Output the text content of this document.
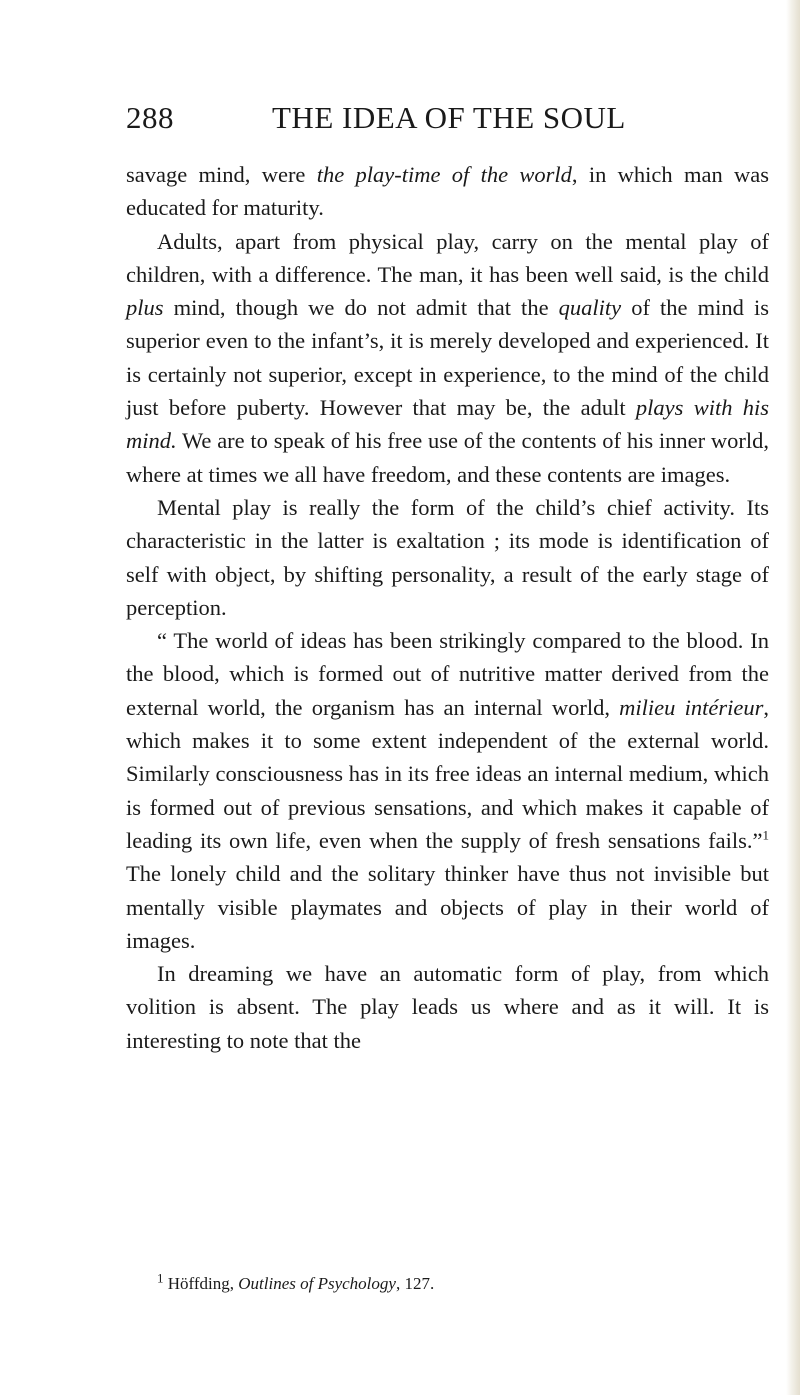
288	THE IDEA OF THE SOUL

savage mind, were the play-time of the world, in which man was educated for maturity.

Adults, apart from physical play, carry on the mental play of children, with a difference. The man, it has been well said, is the child plus mind, though we do not admit that the quality of the mind is superior even to the infant’s, it is merely developed and experienced. It is certainly not superior, except in experience, to the mind of the child just before puberty. However that may be, the adult plays with his mind. We are to speak of his free use of the contents of his inner world, where at times we all have freedom, and these contents are images.

Mental play is really the form of the child’s chief activity. Its characteristic in the latter is exaltation ; its mode is identification of self with object, by shifting personality, a result of the early stage of perception.

“ The world of ideas has been strikingly compared to the blood. In the blood, which is formed out of nutritive matter derived from the external world, the organism has an internal world, milieu intérieur, which makes it to some extent independent of the external world. Similarly consciousness has in its free ideas an internal medium, which is formed out of previous sensations, and which makes it capable of leading its own life, even when the supply of fresh sensations fails.”$^1$ The lonely child and the solitary thinker have thus not invisible but mentally visible playmates and objects of play in their world of images.

In dreaming we have an automatic form of play, from which volition is absent. The play leads us where and as it will. It is interesting to note that the

$^1$ Höffding, Outlines of Psychology, 127.
